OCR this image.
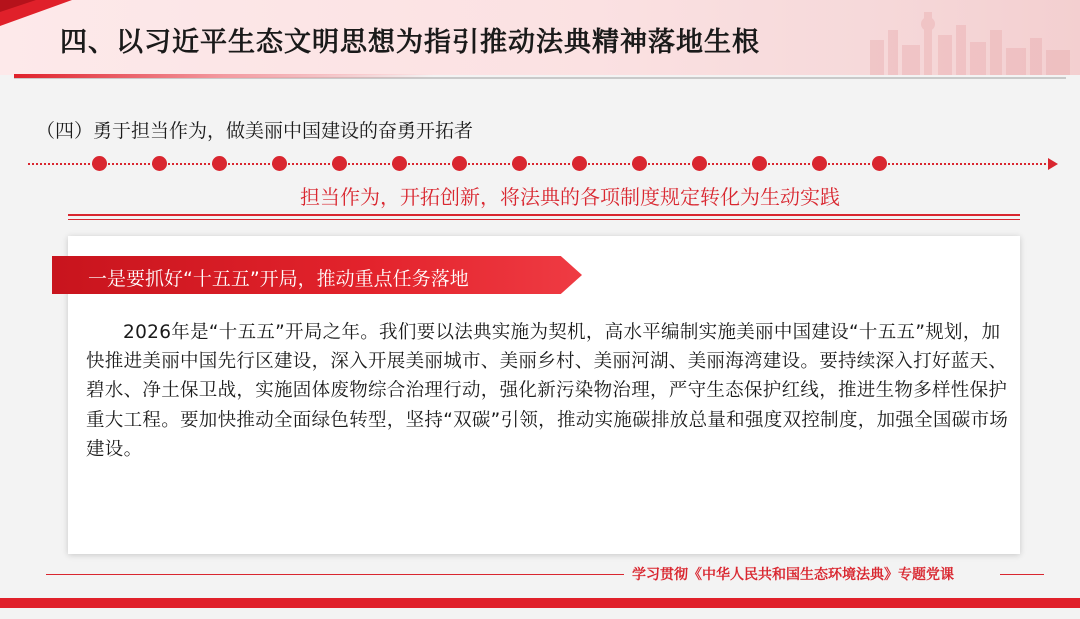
四、以习近平生态文明思想为指引推动法典精神落地生根
（四）勇于担当作为，做美丽中国建设的奋勇开拓者
担当作为，开拓创新，将法典的各项制度规定转化为生动实践
一是要抓好“十五五”开局，推动重点任务落地
2026年是“十五五”开局之年。我们要以法典实施为契机，高水平编制实施美丽中国建设“十五五”规划，加快推进美丽中国先行区建设，深入开展美丽城市、美丽乡村、美丽河湖、美丽海湾建设。要持续深入打好蓝天、碧水、净土保卫战，实施固体废物综合治理行动，强化新污染物治理，严守生态保护红线，推进生物多样性保护重大工程。要加快推动全面绿色转型，坚持“双碳”引领，推动实施碳排放总量和强度双控制度，加强全国碳市场建设。
学习贯彻《中华人民共和国生态环境法典》专题党课
